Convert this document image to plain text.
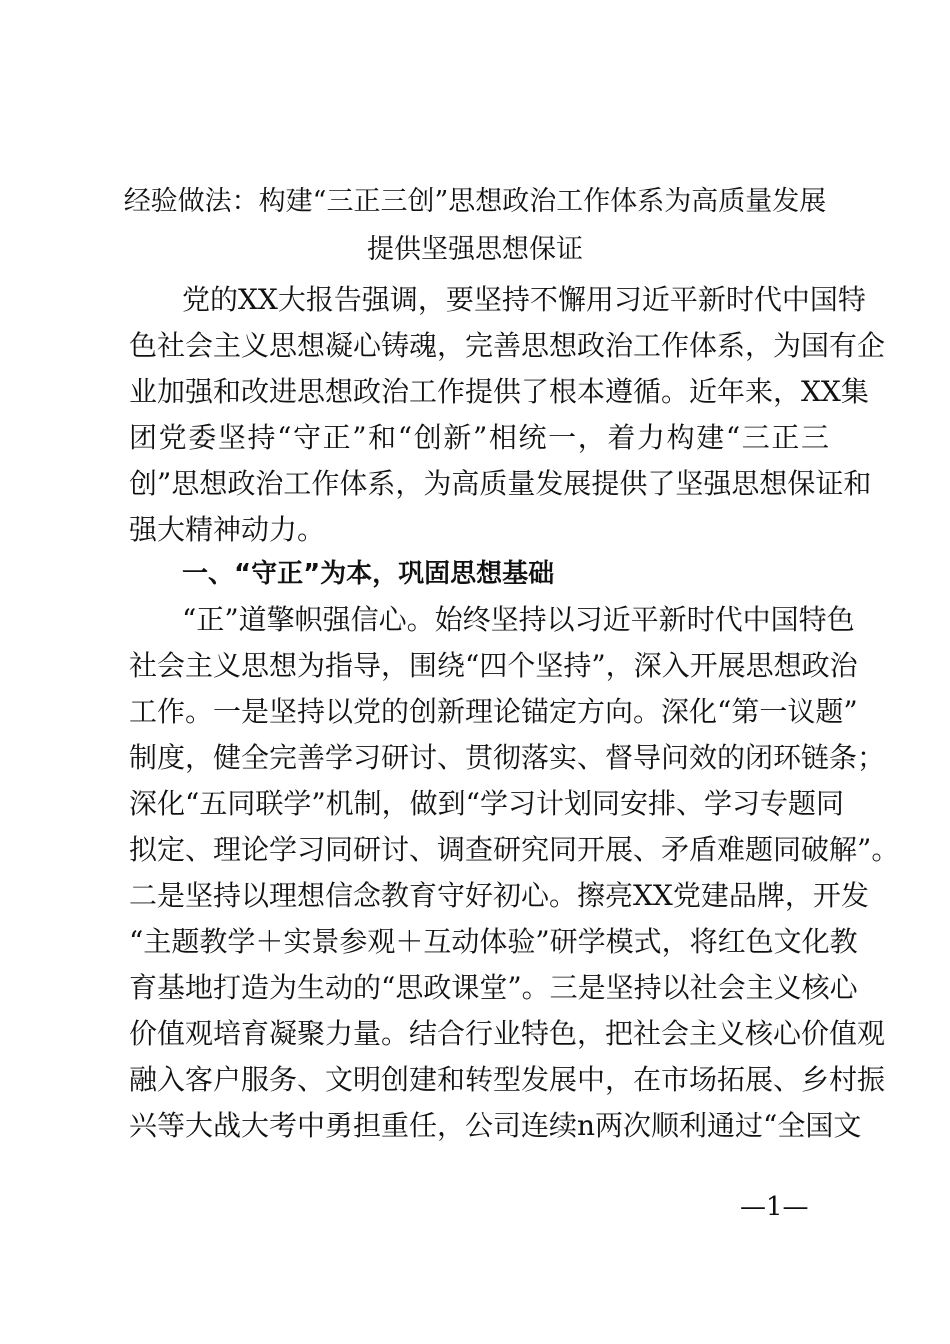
经验做法：构建“三正三创”思想政治工作体系为高质量发展
提供坚强思想保证
党的XX大报告强调，要坚持不懈用习近平新时代中国特
色社会主义思想凝心铸魂，完善思想政治工作体系，为国有企
业加强和改进思想政治工作提供了根本遵循。近年来，XX集
团党委坚持“守正”和“创新”相统一，着力构建“三正三
创”思想政治工作体系，为高质量发展提供了坚强思想保证和
强大精神动力。
一、“守正”为本，巩固思想基础
“正”道擎帜强信心。始终坚持以习近平新时代中国特色
社会主义思想为指导，围绕“四个坚持”，深入开展思想政治
工作。一是坚持以党的创新理论锚定方向。深化“第一议题”
制度，健全完善学习研讨、贯彻落实、督导问效的闭环链条；
深化“五同联学”机制，做到“学习计划同安排、学习专题同
拟定、理论学习同研讨、调查研究同开展、矛盾难题同破解”。
二是坚持以理想信念教育守好初心。擦亮XX党建品牌，开发
“主题教学＋实景参观＋互动体验”研学模式，将红色文化教
育基地打造为生动的“思政课堂”。三是坚持以社会主义核心
价值观培育凝聚力量。结合行业特色，把社会主义核心价值观
融入客户服务、文明创建和转型发展中，在市场拓展、乡村振
兴等大战大考中勇担重任，公司连续n两次顺利通过“全国文
—1—
